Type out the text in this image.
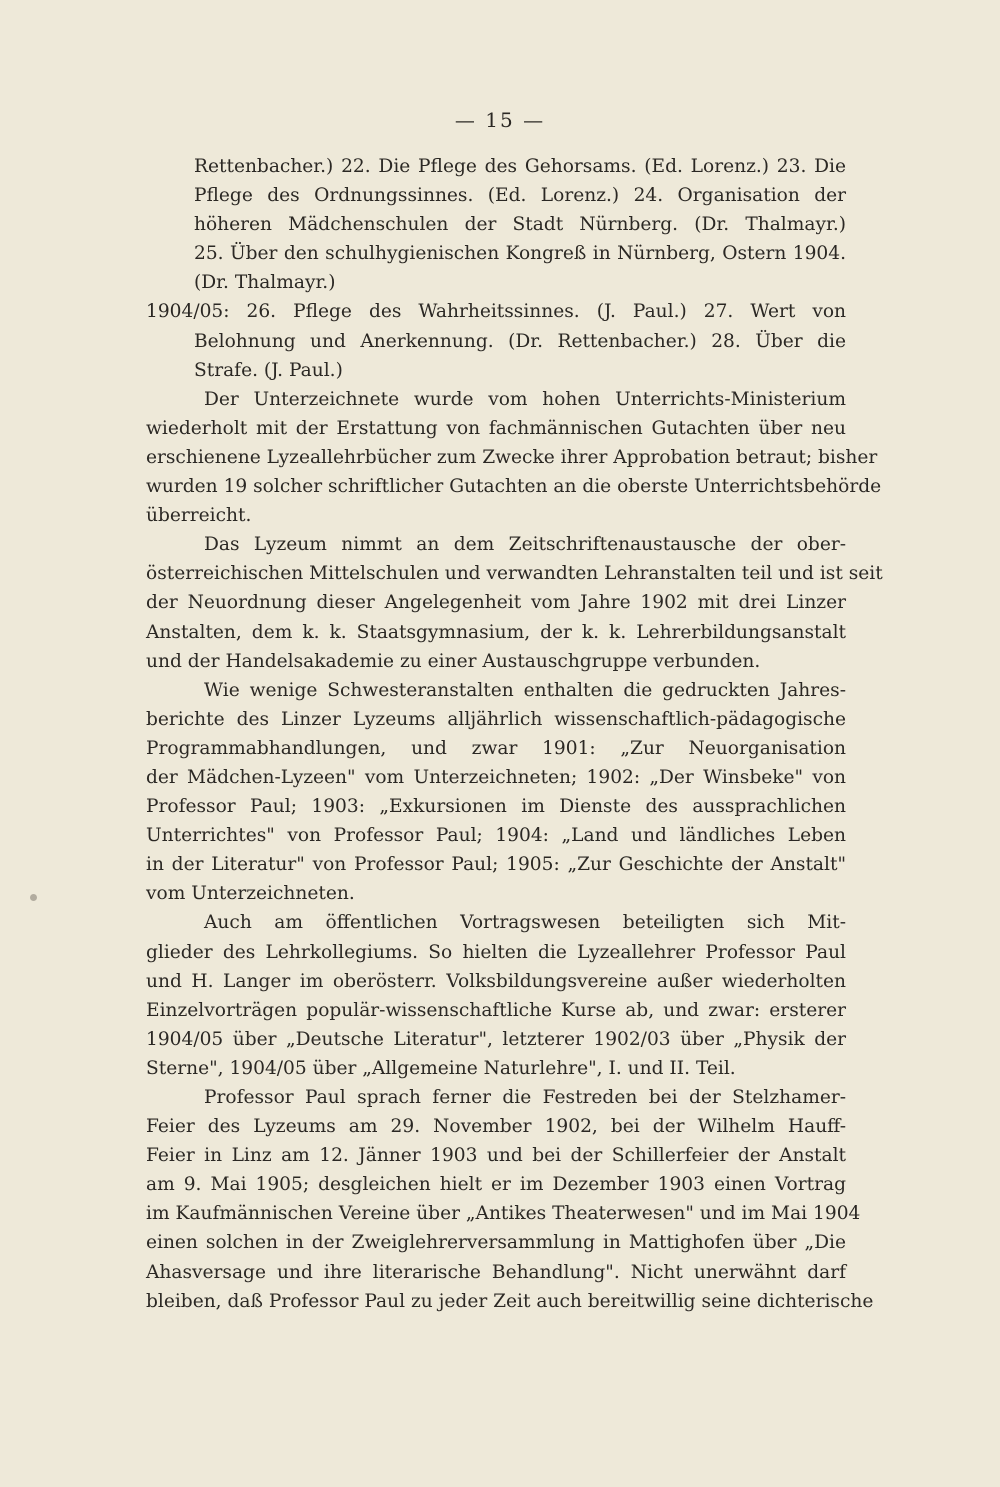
— 15 —
Rettenbacher.) 22. Die Pflege des Gehorsams. (Ed. Lorenz.) 23. Die
Pflege des Ordnungssinnes. (Ed. Lorenz.) 24. Organisation der
höheren Mädchenschulen der Stadt Nürnberg. (Dr. Thalmayr.)
25. Über den schulhygienischen Kongreß in Nürnberg, Ostern 1904.
(Dr. Thalmayr.)
1904/05: 26. Pflege des Wahrheitssinnes. (J. Paul.) 27. Wert von
Belohnung und Anerkennung. (Dr. Rettenbacher.) 28. Über die
Strafe. (J. Paul.)
Der Unterzeichnete wurde vom hohen Unterrichts-Ministerium
wiederholt mit der Erstattung von fachmännischen Gutachten über neu
erschienene Lyzeallehrbücher zum Zwecke ihrer Approbation betraut; bisher
wurden 19 solcher schriftlicher Gutachten an die oberste Unterrichtsbehörde
überreicht.
Das Lyzeum nimmt an dem Zeitschriftenaustausche der ober-
österreichischen Mittelschulen und verwandten Lehranstalten teil und ist seit
der Neuordnung dieser Angelegenheit vom Jahre 1902 mit drei Linzer
Anstalten, dem k. k. Staatsgymnasium, der k. k. Lehrerbildungsanstalt
und der Handelsakademie zu einer Austauschgruppe verbunden.
Wie wenige Schwesteranstalten enthalten die gedruckten Jahres-
berichte des Linzer Lyzeums alljährlich wissenschaftlich-pädagogische
Programmabhandlungen, und zwar 1901: „Zur Neuorganisation
der Mädchen-Lyzeen" vom Unterzeichneten; 1902: „Der Winsbeke" von
Professor Paul; 1903: „Exkursionen im Dienste des aussprachlichen
Unterrichtes" von Professor Paul; 1904: „Land und ländliches Leben
in der Literatur" von Professor Paul; 1905: „Zur Geschichte der Anstalt"
vom Unterzeichneten.
Auch am öffentlichen Vortragswesen beteiligten sich Mit-
glieder des Lehrkollegiums. So hielten die Lyzeallehrer Professor Paul
und H. Langer im oberösterr. Volksbildungsvereine außer wiederholten
Einzelvorträgen populär-wissenschaftliche Kurse ab, und zwar: ersterer
1904/05 über „Deutsche Literatur", letzterer 1902/03 über „Physik der
Sterne", 1904/05 über „Allgemeine Naturlehre", I. und II. Teil.
Professor Paul sprach ferner die Festreden bei der Stelzhamer-
Feier des Lyzeums am 29. November 1902, bei der Wilhelm Hauff-
Feier in Linz am 12. Jänner 1903 und bei der Schillerfeier der Anstalt
am 9. Mai 1905; desgleichen hielt er im Dezember 1903 einen Vortrag
im Kaufmännischen Vereine über „Antikes Theaterwesen" und im Mai 1904
einen solchen in der Zweiglehrerversammlung in Mattighofen über „Die
Ahasversage und ihre literarische Behandlung". Nicht unerwähnt darf
bleiben, daß Professor Paul zu jeder Zeit auch bereitwillig seine dichterische
